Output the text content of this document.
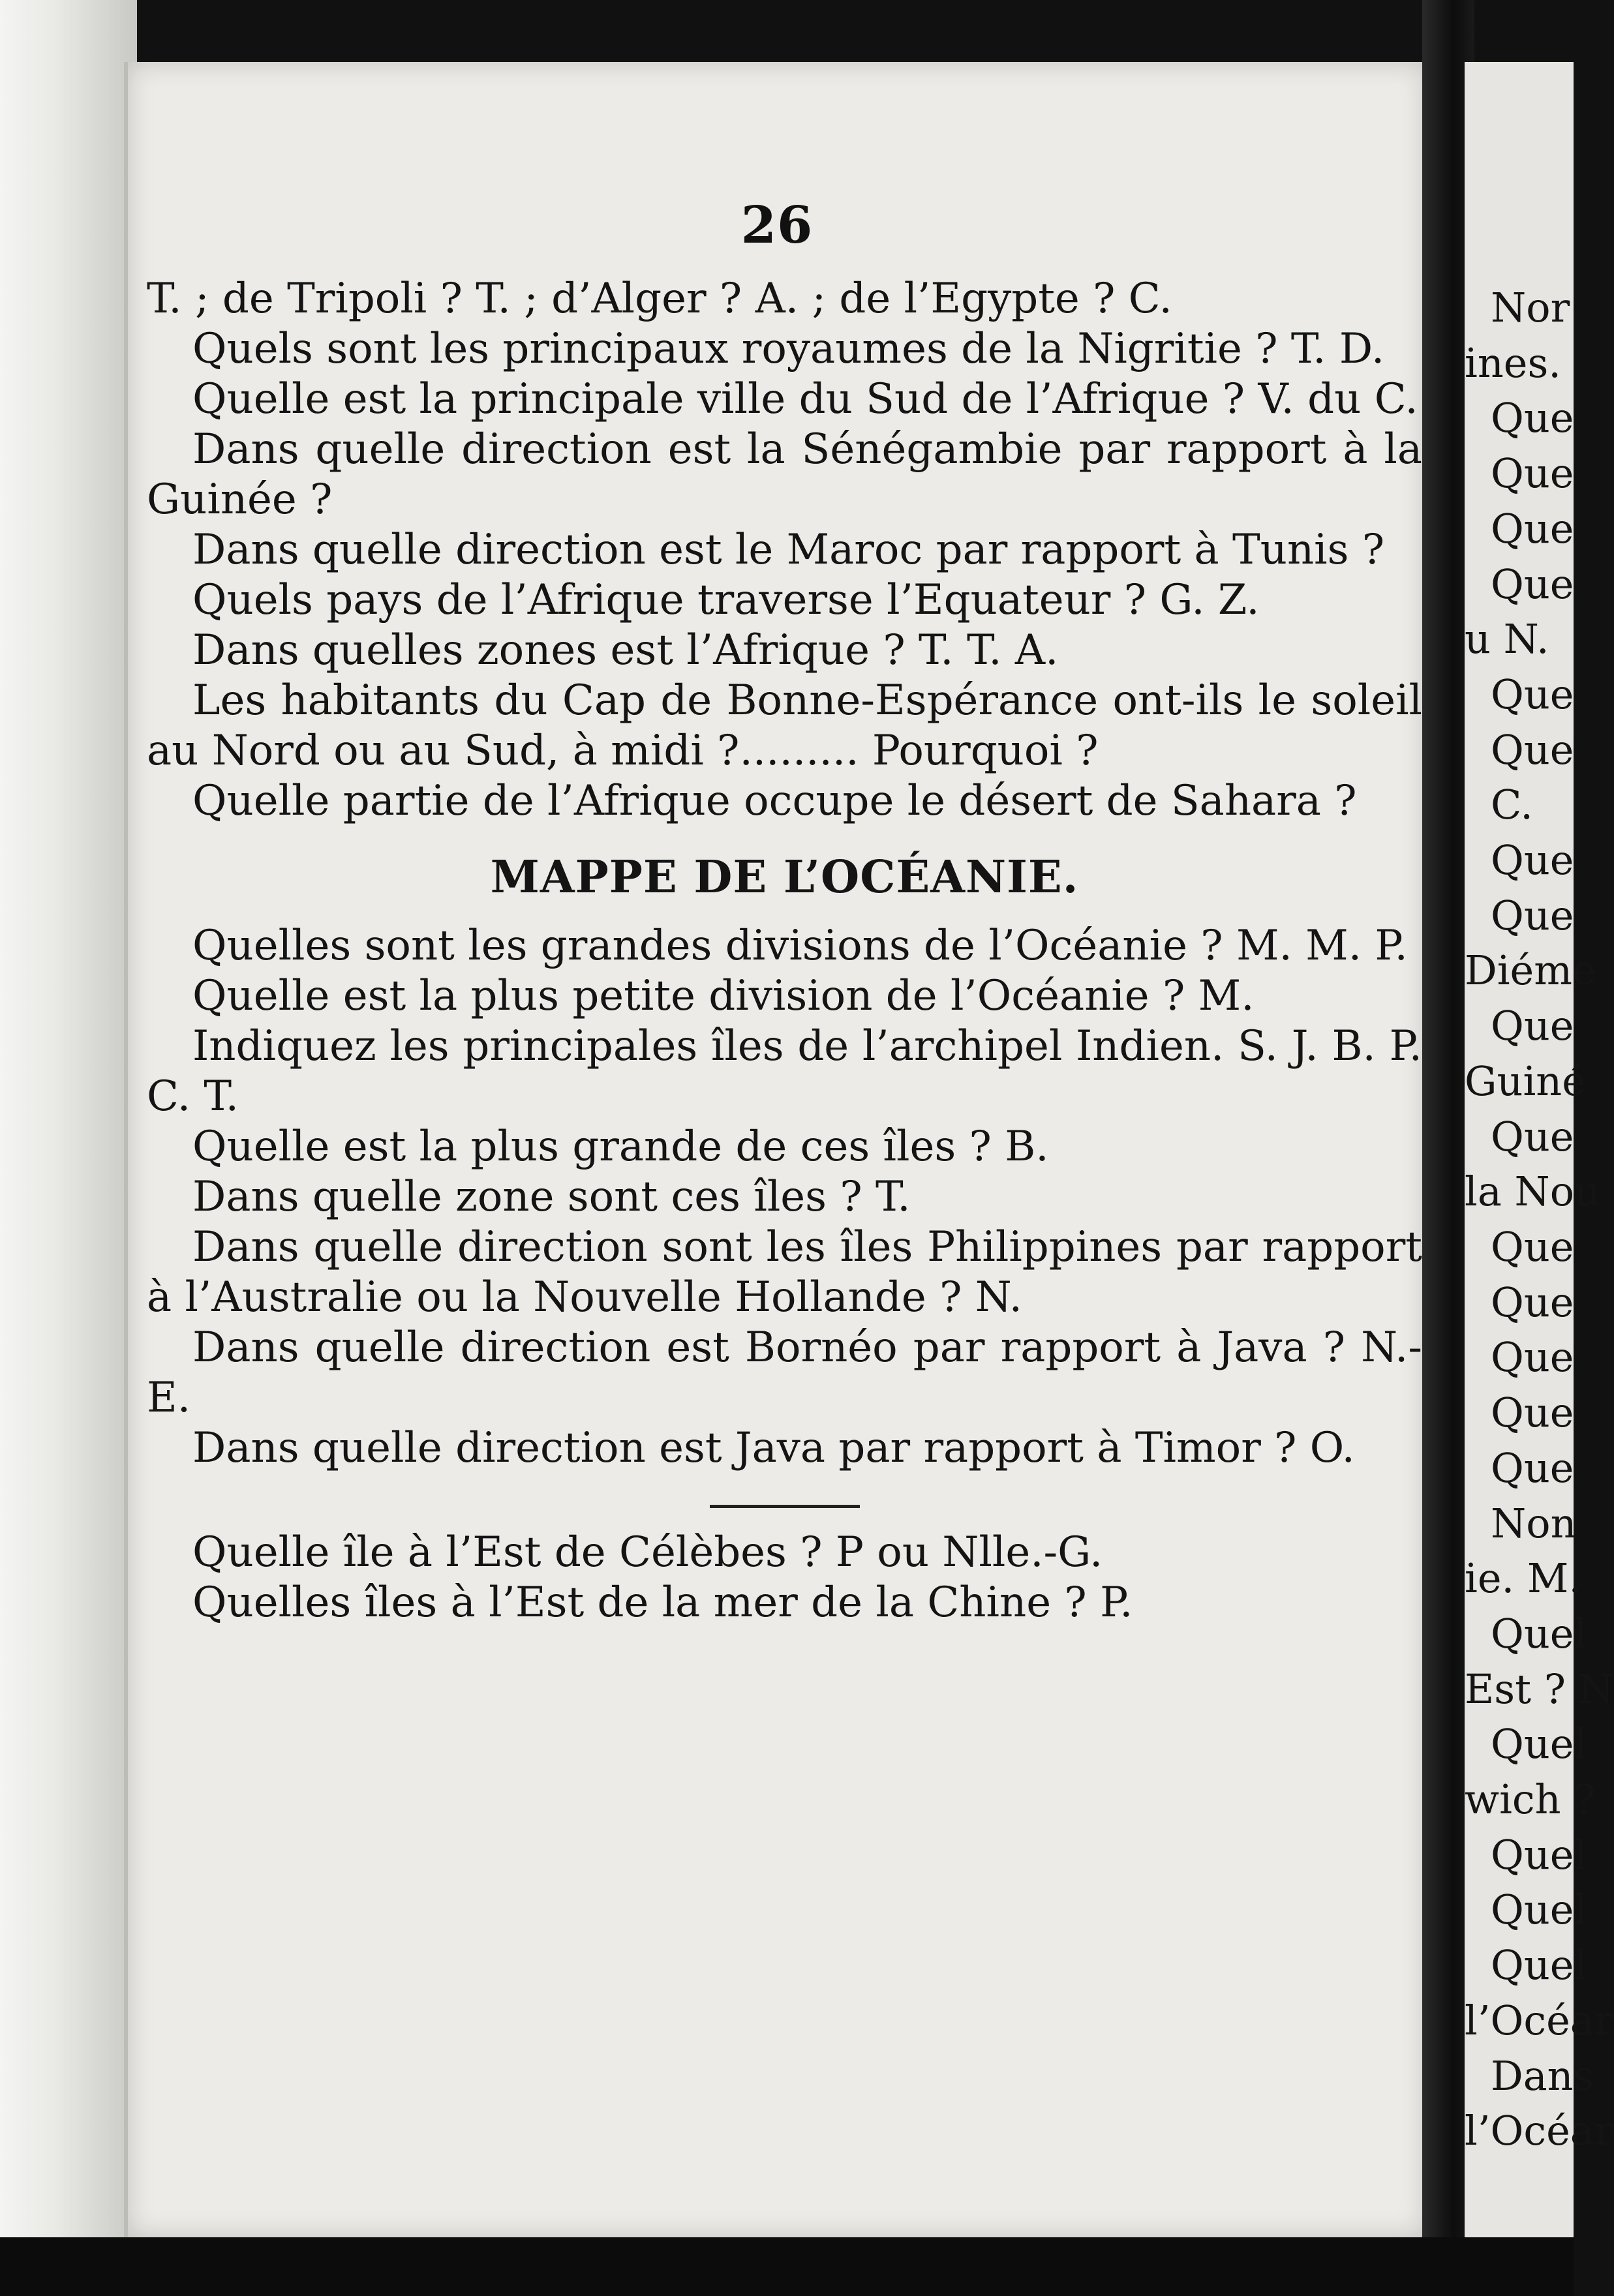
26

T. ; de Tripoli ? T. ; d’Alger ? A. ; de l’Egypte ? C.

Quels sont les principaux royaumes de la Nigritie ? T. D.

Quelle est la principale ville du Sud de l’Afrique ? V. du C.

Dans quelle direction est la Sénégambie par rapport à la Guinée ?

Dans quelle direction est le Maroc par rapport à Tunis ?

Quels pays de l’Afrique traverse l’Equateur ? G. Z.

Dans quelles zones est l’Afrique ? T. T. A.

Les habitants du Cap de Bonne-Espérance ont-ils le soleil au Nord ou au Sud, à midi ?......... Pourquoi ?

Quelle partie de l’Afrique occupe le désert de Sahara ?

MAPPE DE L’OCÉANIE.

Quelles sont les grandes divisions de l’Océanie ? M. M. P.

Quelle est la plus petite division de l’Océanie ? M.

Indiquez les principales îles de l’archipel Indien. S. J. B. P. C. T.

Quelle est la plus grande de ces îles ? B.

Dans quelle zone sont ces îles ? T.

Dans quelle direction sont les îles Philippines par rapport à l’Australie ou la Nouvelle Hollande ? N.

Dans quelle direction est Bornéo par rapport à Java ? N.-E.

Dans quelle direction est Java par rapport à Timor ? O.

Quelle île à l’Est de Célèbes ? P ou Nlle.-G.

Quelles îles à l’Est de la mer de la Chine ? P.

Nor
ines.
Que
Que
Que
Que
u N.
Que
Que
C.
Que
Que
Diéme
Que
Guiné
Que
la Nou
Que
Que
Que
Que
Que
Non
ie. M.
Quel
Est ? N
Quel
wich ?
Quel
Quel
Quel
l’Océar
Dans
l’Océar
